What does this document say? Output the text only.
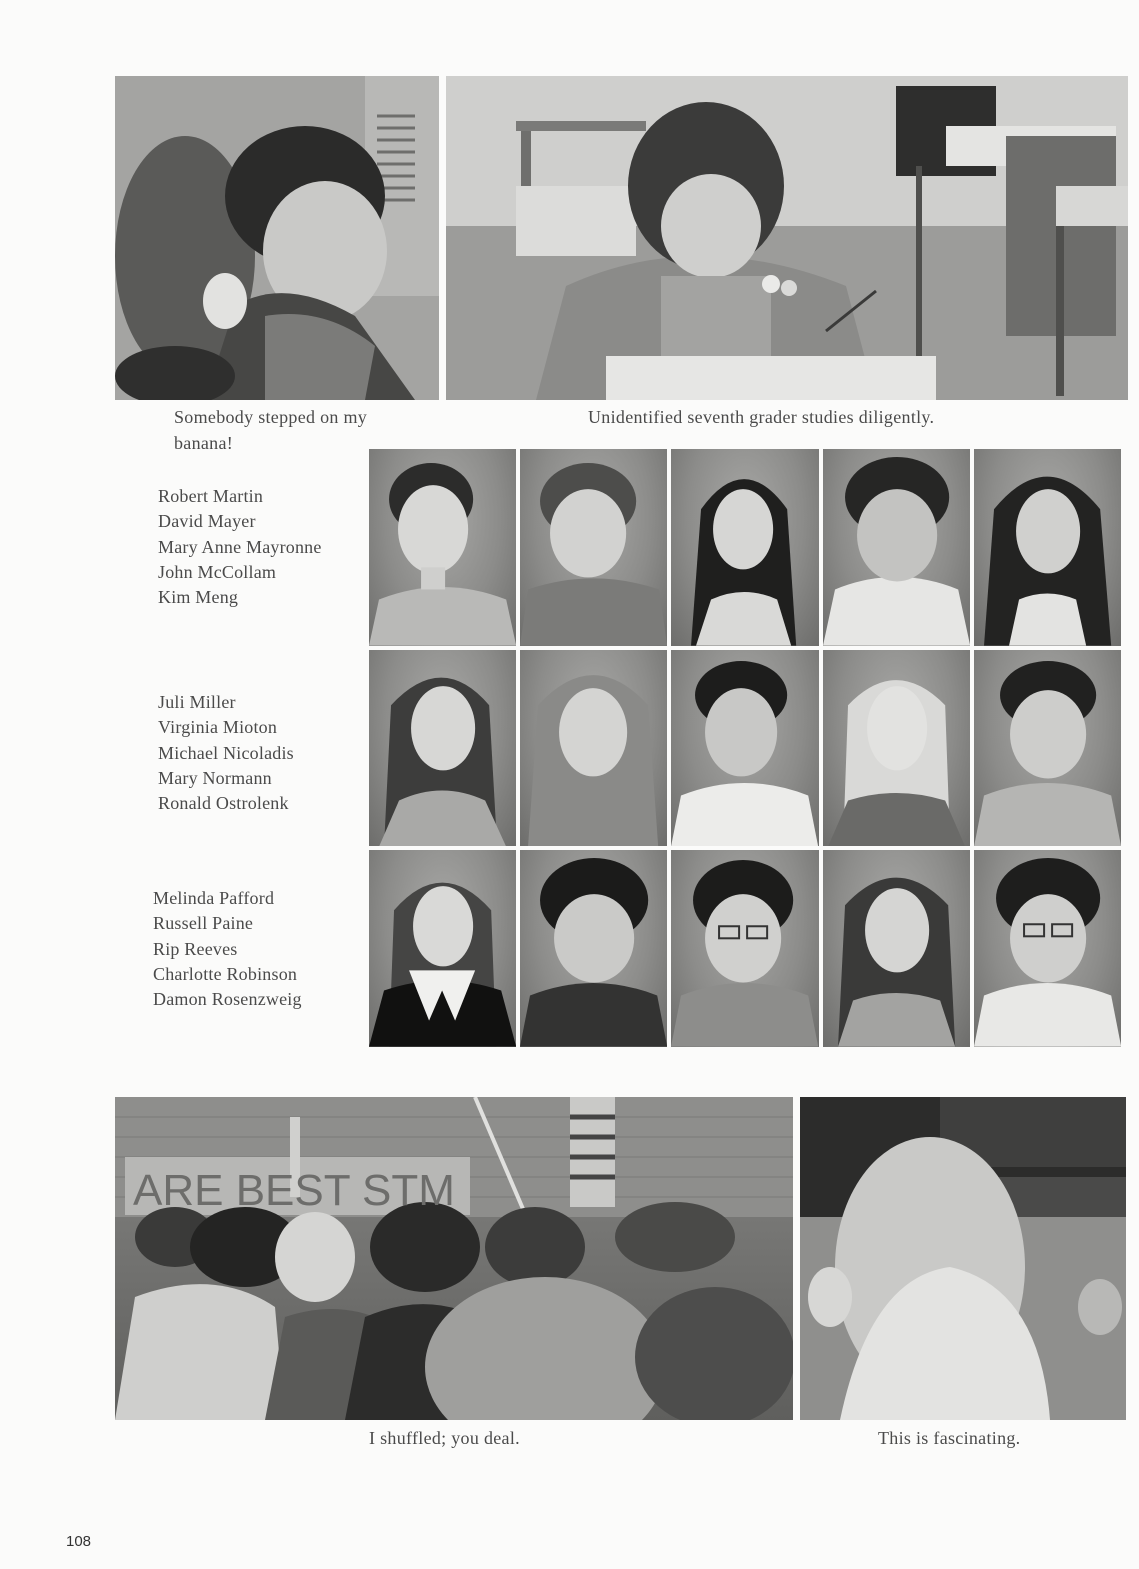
Somebody stepped on my banana!

Unidentified seventh grader studies diligently.

Robert Martin
David Mayer
Mary Anne Mayronne
John McCollam
Kim Meng
Juli Miller
Virginia Mioton
Michael Nicoladis
Mary Normann
Ronald Ostrolenk
Melinda Pafford
Russell Paine
Rip Reeves
Charlotte Robinson
Damon Rosenzweig
ARE BEST STM

I shuffled; you deal.	This is fascinating.

108
